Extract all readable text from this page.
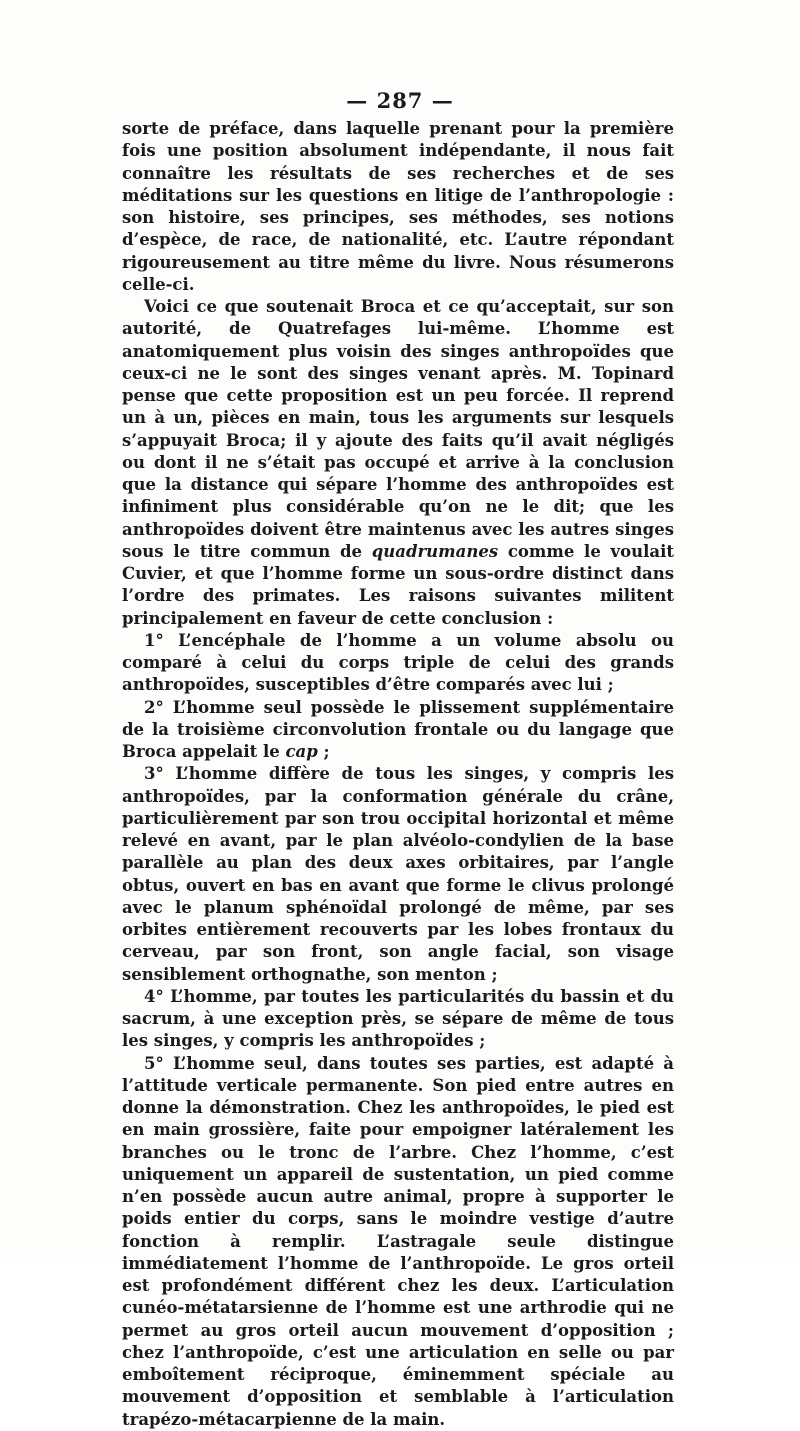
— 287 —

sorte de préface, dans laquelle prenant pour la première fois une position absolument indépendante, il nous fait connaître les résultats de ses recherches et de ses méditations sur les questions en litige de l’anthropologie : son histoire, ses principes, ses méthodes, ses notions d’espèce, de race, de nationalité, etc. L’autre répondant rigoureusement au titre même du livre. Nous résumerons celle-ci.

Voici ce que soutenait Broca et ce qu’acceptait, sur son autorité, de Quatrefages lui-même. L’homme est anatomiquement plus voisin des singes anthropoïdes que ceux-ci ne le sont des singes venant après. M. Topinard pense que cette proposition est un peu forcée. Il reprend un à un, pièces en main, tous les arguments sur lesquels s’appuyait Broca; il y ajoute des faits qu’il avait négligés ou dont il ne s’était pas occupé et arrive à la conclusion que la distance qui sépare l’homme des anthropoïdes est infiniment plus considérable qu’on ne le dit; que les anthropoïdes doivent être maintenus avec les autres singes sous le titre commun de quadrumanes comme le voulait Cuvier, et que l’homme forme un sous-ordre distinct dans l’ordre des primates. Les raisons suivantes militent principalement en faveur de cette conclusion :

1° L’encéphale de l’homme a un volume absolu ou comparé à celui du corps triple de celui des grands anthropoïdes, susceptibles d’être comparés avec lui ;

2° L’homme seul possède le plissement supplémentaire de la troisième circonvolution frontale ou du langage que Broca appelait le cap ;

3° L’homme diffère de tous les singes, y compris les anthropoïdes, par la conformation générale du crâne, particulièrement par son trou occipital horizontal et même relevé en avant, par le plan alvéolo-condylien de la base parallèle au plan des deux axes orbitaires, par l’angle obtus, ouvert en bas en avant que forme le clivus prolongé avec le planum sphénoïdal prolongé de même, par ses orbites entièrement recouverts par les lobes frontaux du cerveau, par son front, son angle facial, son visage sensiblement orthognathe, son menton ;

4° L’homme, par toutes les particularités du bassin et du sacrum, à une exception près, se sépare de même de tous les singes, y compris les anthropoïdes ;

5° L’homme seul, dans toutes ses parties, est adapté à l’attitude verticale permanente. Son pied entre autres en donne la démonstration. Chez les anthropoïdes, le pied est en main grossière, faite pour empoigner latéralement les branches ou le tronc de l’arbre. Chez l’homme, c’est uniquement un appareil de sustentation, un pied comme n’en possède aucun autre animal, propre à supporter le poids entier du corps, sans le moindre vestige d’autre fonction à remplir. L’astragale seule distingue immédiatement l’homme de l’anthropoïde. Le gros orteil est profondément différent chez les deux. L’articulation cunéo-métatarsienne de l’homme est une arthrodie qui ne permet au gros orteil aucun mouvement d’opposition ; chez l’anthropoïde, c’est une articulation en selle ou par emboîtement réciproque, éminemment spéciale au mouvement d’opposition et semblable à l’articulation trapézo-métacarpienne de la main.
